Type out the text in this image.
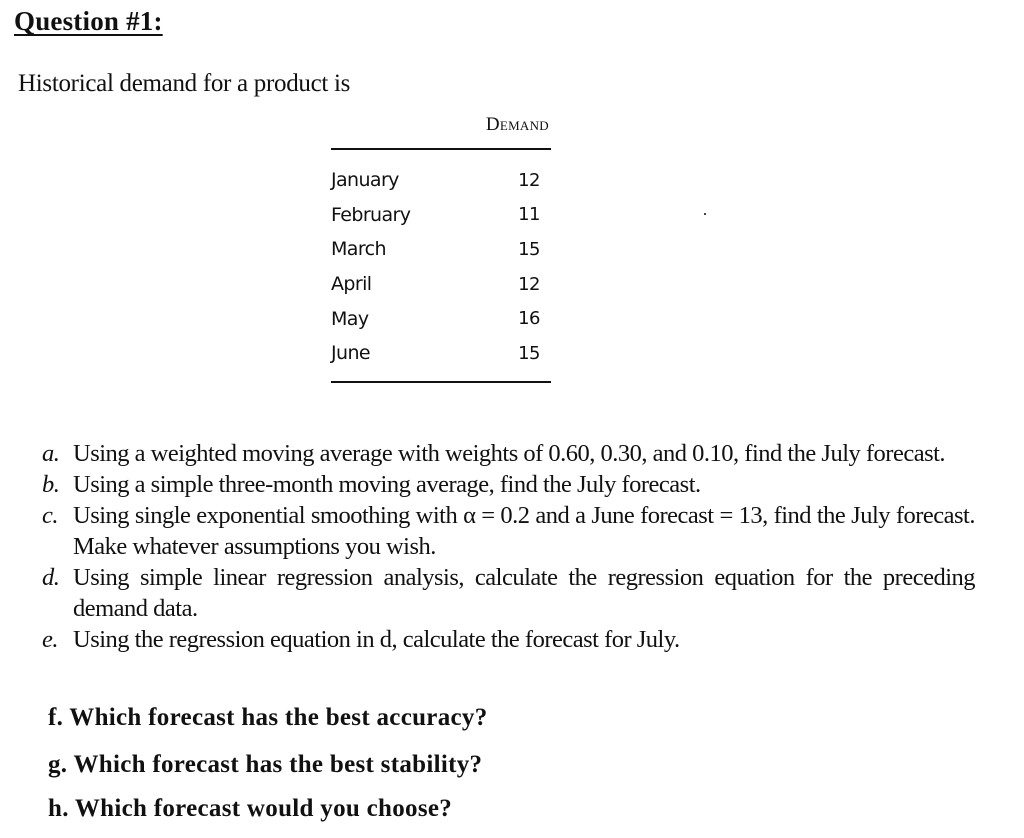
Question #1:
Historical demand for a product is
Demand
January	12
February	11
March	15
April	12
May	16
June	15
a. Using a weighted moving average with weights of 0.60, 0.30, and 0.10, find the July forecast.
b. Using a simple three-month moving average, find the July forecast.
c. Using single exponential smoothing with α = 0.2 and a June forecast = 13, find the July forecast. Make whatever assumptions you wish.
d. Using simple linear regression analysis, calculate the regression equation for the preceding demand data.
e. Using the regression equation in d, calculate the forecast for July.
f. Which forecast has the best accuracy?
g. Which forecast has the best stability?
h. Which forecast would you choose?
